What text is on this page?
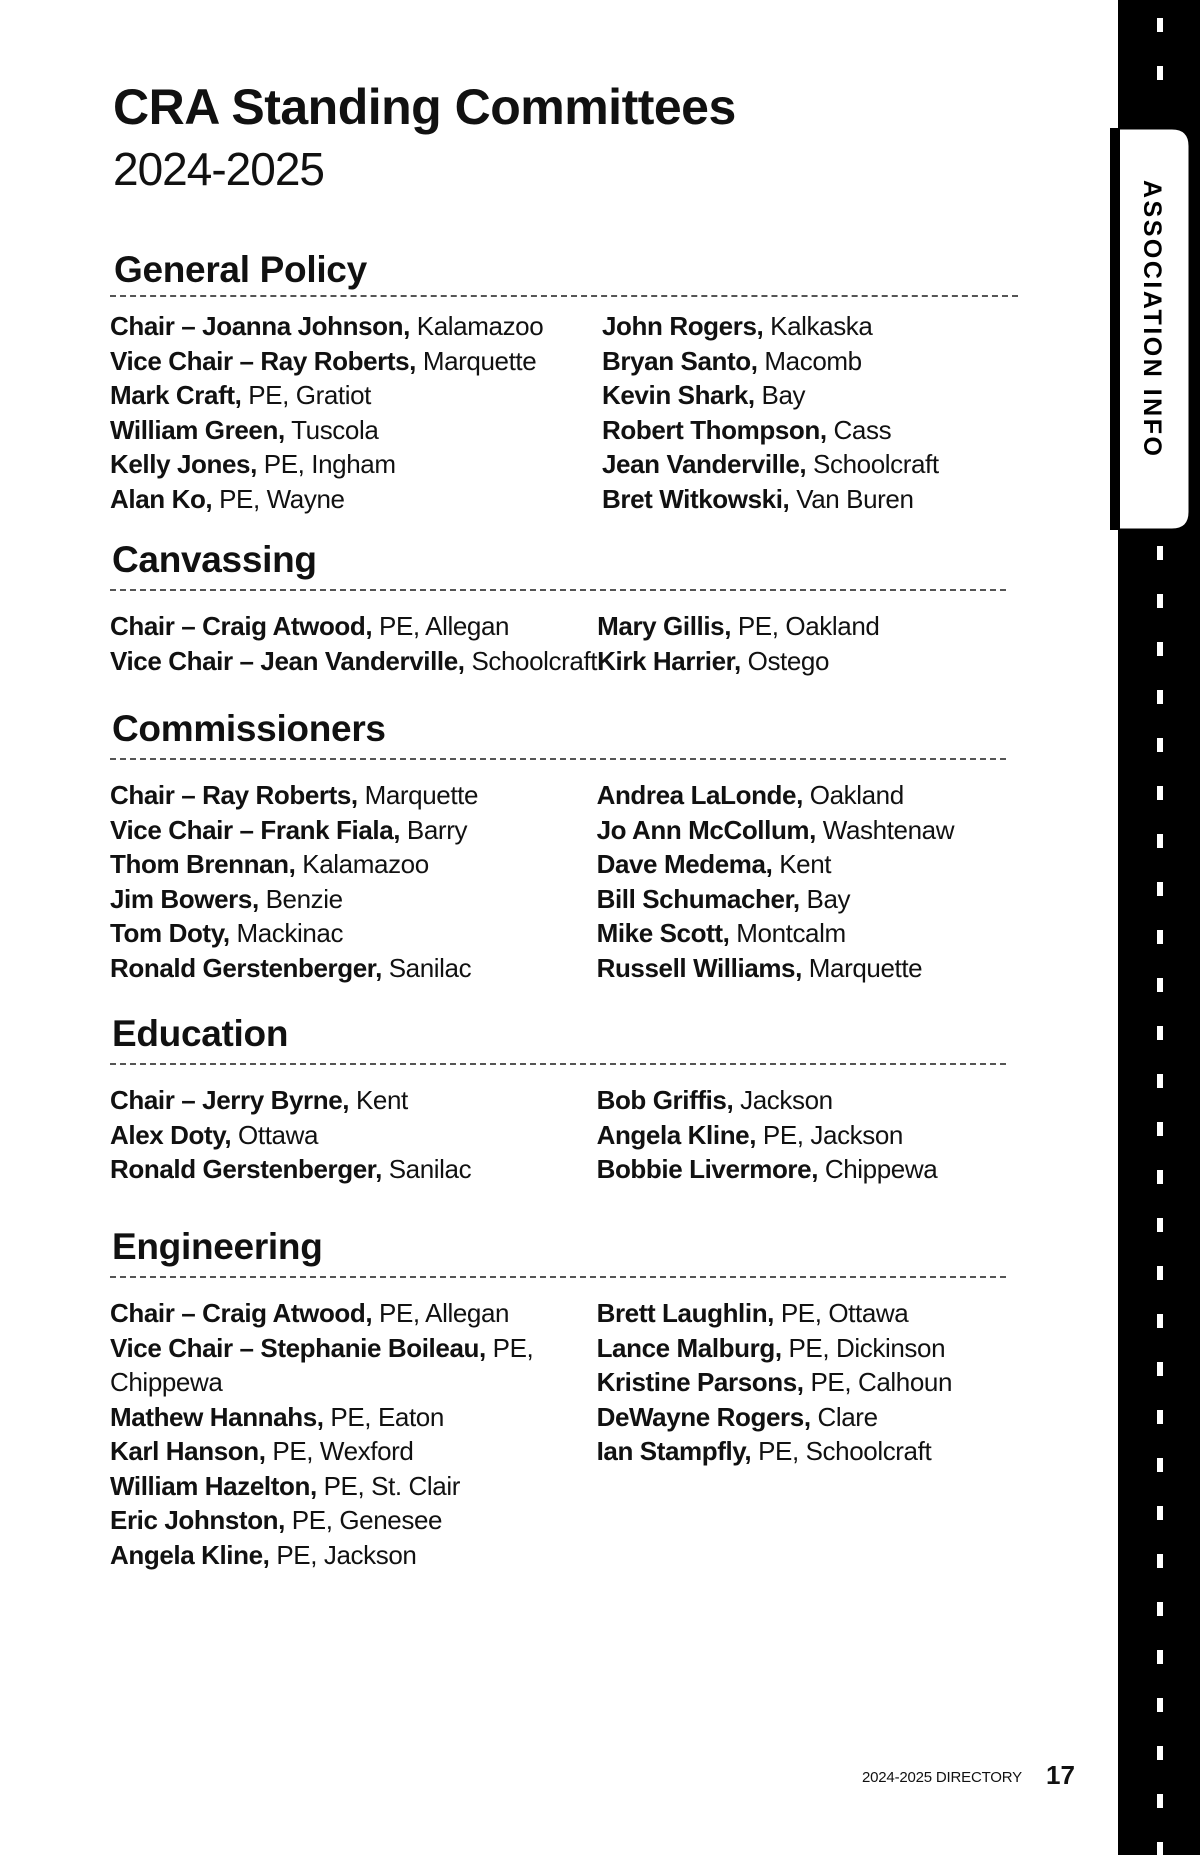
ASSOCIATION INFO
CRA Standing Committees
2024-2025
General Policy
Chair – Joanna Johnson, Kalamazoo
Vice Chair – Ray Roberts, Marquette
Mark Craft, PE, Gratiot
William Green, Tuscola
Kelly Jones, PE, Ingham
Alan Ko, PE, Wayne
John Rogers, Kalkaska
Bryan Santo, Macomb
Kevin Shark, Bay
Robert Thompson, Cass
Jean Vanderville, Schoolcraft
Bret Witkowski, Van Buren
Canvassing
Chair – Craig Atwood, PE, Allegan
Vice Chair – Jean Vanderville, Schoolcraft
Mary Gillis, PE, Oakland
Kirk Harrier, Ostego
Commissioners
Chair – Ray Roberts, Marquette
Vice Chair – Frank Fiala, Barry
Thom Brennan, Kalamazoo
Jim Bowers, Benzie
Tom Doty, Mackinac
Ronald Gerstenberger, Sanilac
Andrea LaLonde, Oakland
Jo Ann McCollum, Washtenaw
Dave Medema, Kent
Bill Schumacher, Bay
Mike Scott, Montcalm
Russell Williams, Marquette
Education
Chair – Jerry Byrne, Kent
Alex Doty, Ottawa
Ronald Gerstenberger, Sanilac
Bob Griffis, Jackson
Angela Kline, PE, Jackson
Bobbie Livermore, Chippewa
Engineering
Chair – Craig Atwood, PE, Allegan
Vice Chair – Stephanie Boileau, PE, Chippewa
Mathew Hannahs, PE, Eaton
Karl Hanson, PE, Wexford
William Hazelton, PE, St. Clair
Eric Johnston, PE, Genesee
Angela Kline, PE, Jackson
Brett Laughlin, PE, Ottawa
Lance Malburg, PE, Dickinson
Kristine Parsons, PE, Calhoun
DeWayne Rogers, Clare
Ian Stampfly, PE, Schoolcraft
2024-2025 DIRECTORY 17
